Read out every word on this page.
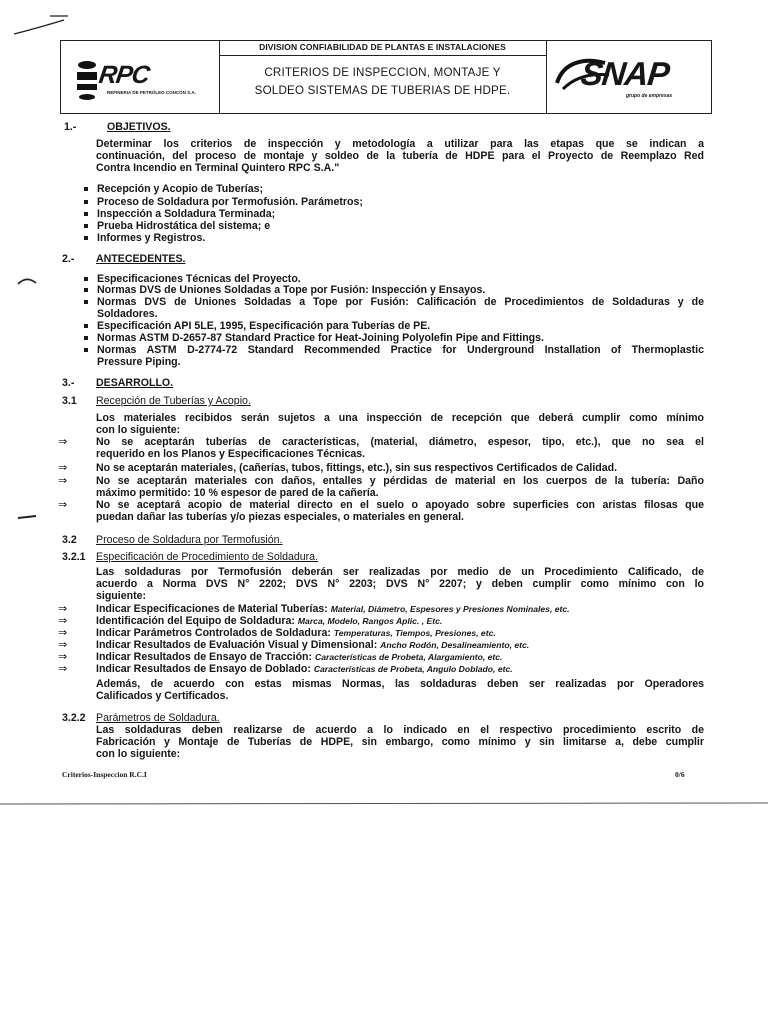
RPC
REFINERIA DE PETRÓLEO CONCÓN S.A.
DIVISION CONFIABILIDAD DE PLANTAS E INSTALACIONES
CRITERIOS DE INSPECCION, MONTAJE Y
SOLDEO SISTEMAS DE TUBERIAS DE HDPE.	SNAP
grupo de empresas
1.-	OBJETIVOS.
Determinar los criterios de inspección y metodología a utilizar para las etapas que se indican a
continuación, del proceso de montaje y soldeo de la tubería de HDPE para el Proyecto de Reemplazo Red
Contra Incendio en Terminal Quintero RPC S.A."
Recepción y Acopio de Tuberías;
Proceso de Soldadura por Termofusión. Parámetros;
Inspección a Soldadura Terminada;
Prueba Hidrostática del sistema; e
Informes y Registros.
2.- ANTECEDENTES.
Especificaciones Técnicas del Proyecto.
Normas DVS de Uniones Soldadas a Tope por Fusión: Inspección y Ensayos.
Normas DVS de Uniones Soldadas a Tope por Fusión: Calificación de Procedimientos de Soldaduras y de
Soldadores.
Especificación API 5LE, 1995, Especificación para Tuberías de PE.
Normas ASTM D-2657-87 Standard Practice for Heat-Joining Polyolefin Pipe and Fittings.
Normas ASTM D-2774-72 Standard Recommended Practice for Underground Installation of Thermoplastic
Pressure Piping.
3.- DESARROLLO.
3.1 Recepción de Tuberías y Acopio.
Los materiales recibidos serán sujetos a una inspección de recepción que deberá cumplir como mínimo
con lo siguiente:
⇒	No se aceptarán tuberías de características, (material, diámetro, espesor, tipo, etc.), que no sea el
requerido en los Planos y Especificaciones Técnicas.
⇒	No se aceptarán materiales, (cañerías, tubos, fittings, etc.), sin sus respectivos Certificados de Calidad.
⇒	No se aceptarán materiales con daños, entalles y pérdidas de material en los cuerpos de la tubería: Daño
máximo permitido: 10 % espesor de pared de la cañería.
⇒	No se aceptará acopio de material directo en el suelo o apoyado sobre superficies con aristas filosas que
puedan dañar las tuberías y/o piezas especiales, o materiales en general.
3.2 Proceso de Soldadura por Termofusión.
3.2.1 Especificación de Procedimiento de Soldadura.
Las soldaduras por Termofusión deberán ser realizadas por medio de un Procedimiento Calificado, de
acuerdo a Norma DVS N° 2202; DVS N° 2203; DVS N° 2207; y deben cumplir como mínimo con lo
siguiente:
⇒	Indicar Especificaciones de Material Tuberías: Material, Diámetro, Espesores y Presiones Nominales, etc.
⇒	Identificación del Equipo de Soldadura: Marca, Modelo, Rangos Aplic. , Etc.
⇒	Indicar Parámetros Controlados de Soldadura: Temperaturas, Tiempos, Presiones, etc.
⇒	Indicar Resultados de Evaluación Visual y Dimensional: Ancho Rodón, Desalineamiento, etc.
⇒	Indicar Resultados de Ensayo de Tracción: Características de Probeta, Alargamiento, etc.
⇒	Indicar Resultados de Ensayo de Doblado: Características de Probeta, Angulo Doblado, etc.
Además, de acuerdo con estas mismas Normas, las soldaduras deben ser realizadas por Operadores
Calificados y Certificados.
3.2.2 Parámetros de Soldadura.
Las soldaduras deben realizarse de acuerdo a lo indicado en el respectivo procedimiento escrito de
Fabricación y Montaje de Tuberías de HDPE, sin embargo, como mínimo y sin limitarse a, debe cumplir
con lo siguiente:
Criterios-Inspeccion R.C.I	0/6
